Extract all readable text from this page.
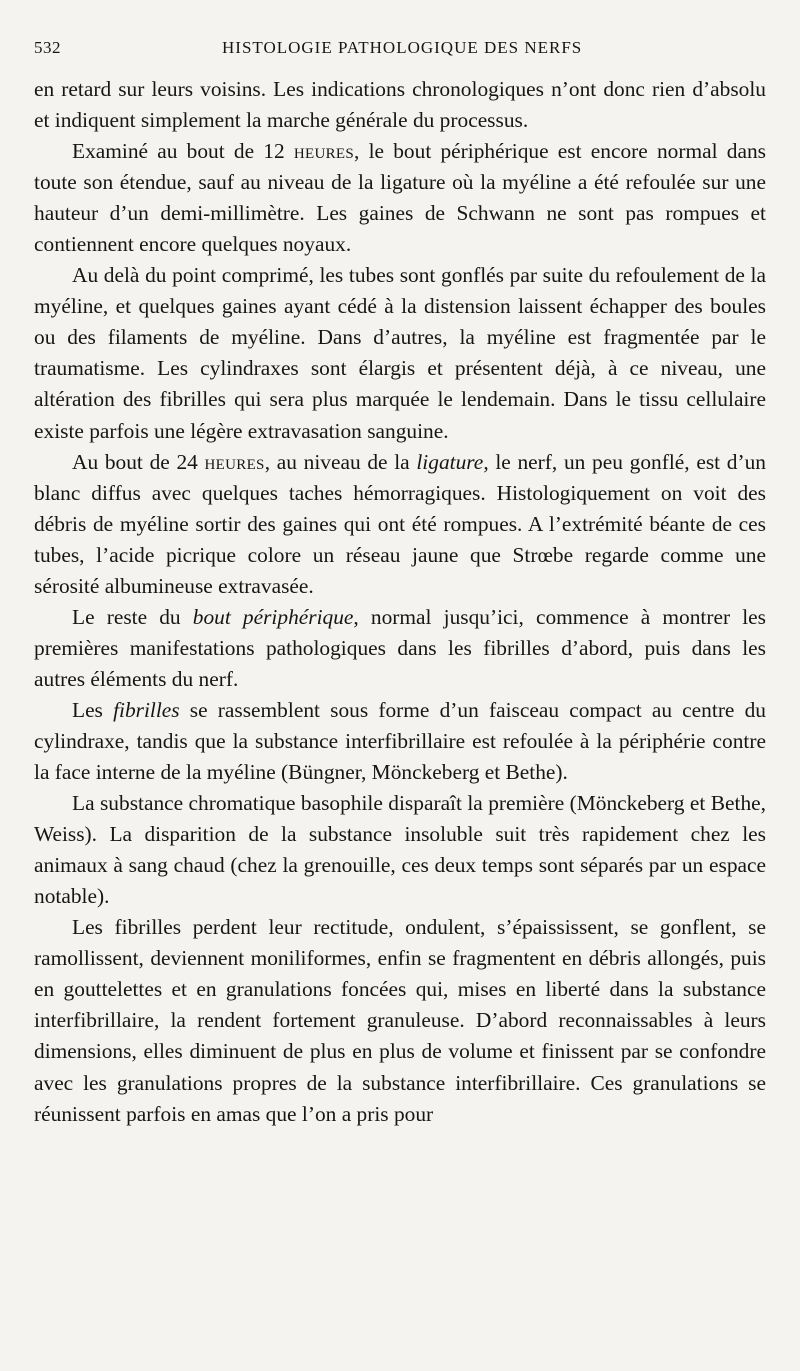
532	HISTOLOGIE PATHOLOGIQUE DES NERFS

en retard sur leurs voisins. Les indications chronologiques n’ont donc rien d’absolu et indiquent simplement la marche générale du processus.

Examiné au bout de 12 heures, le bout périphérique est encore normal dans toute son étendue, sauf au niveau de la ligature où la myéline a été refoulée sur une hauteur d’un demi-millimètre. Les gaines de Schwann ne sont pas rompues et contiennent encore quelques noyaux.

Au delà du point comprimé, les tubes sont gonflés par suite du refoulement de la myéline, et quelques gaines ayant cédé à la distension laissent échapper des boules ou des filaments de myéline. Dans d’autres, la myéline est fragmentée par le traumatisme. Les cylindraxes sont élargis et présentent déjà, à ce niveau, une altération des fibrilles qui sera plus marquée le lendemain. Dans le tissu cellulaire existe parfois une légère extravasation sanguine.

Au bout de 24 heures, au niveau de la ligature, le nerf, un peu gonflé, est d’un blanc diffus avec quelques taches hémorragiques. Histologiquement on voit des débris de myéline sortir des gaines qui ont été rompues. A l’extrémité béante de ces tubes, l’acide picrique colore un réseau jaune que Strœbe regarde comme une sérosité albumineuse extravasée.

Le reste du bout périphérique, normal jusqu’ici, commence à montrer les premières manifestations pathologiques dans les fibrilles d’abord, puis dans les autres éléments du nerf.

Les fibrilles se rassemblent sous forme d’un faisceau compact au centre du cylindraxe, tandis que la substance interfibrillaire est refoulée à la périphérie contre la face interne de la myéline (Büngner, Mönckeberg et Bethe).

La substance chromatique basophile disparaît la première (Mönckeberg et Bethe, Weiss). La disparition de la substance insoluble suit très rapidement chez les animaux à sang chaud (chez la grenouille, ces deux temps sont séparés par un espace notable).

Les fibrilles perdent leur rectitude, ondulent, s’épaississent, se gonflent, se ramollissent, deviennent moniliformes, enfin se fragmentent en débris allongés, puis en gouttelettes et en granulations foncées qui, mises en liberté dans la substance interfibrillaire, la rendent fortement granuleuse. D’abord reconnaissables à leurs dimensions, elles diminuent de plus en plus de volume et finissent par se confondre avec les granulations propres de la substance interfibrillaire. Ces granulations se réunissent parfois en amas que l’on a pris pour
